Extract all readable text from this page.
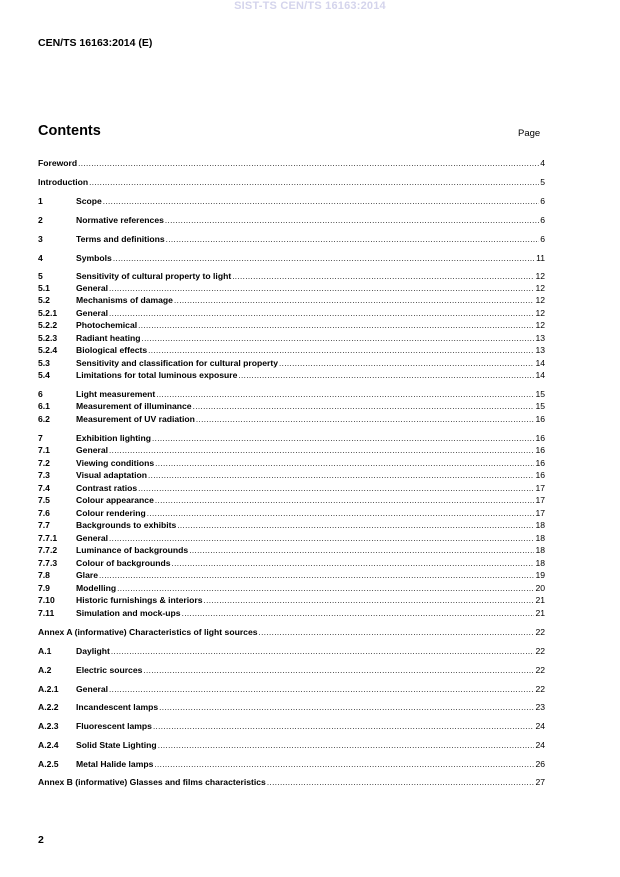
SIST-TS CEN/TS 16163:2014
CEN/TS 16163:2014 (E)
Contents	Page
Foreword .....	4
Introduction .....	5
1	Scope .....	6
2	Normative references .....	6
3	Terms and definitions .....	6
4	Symbols .....	11
5	Sensitivity of cultural property to light .....	12
5.1	General .....	12
5.2	Mechanisms of damage .....	12
5.2.1	General .....	12
5.2.2	Photochemical .....	12
5.2.3	Radiant heating .....	13
5.2.4	Biological effects .....	13
5.3	Sensitivity and classification for cultural property .....	14
5.4	Limitations for total luminous exposure .....	14
6	Light measurement .....	15
6.1	Measurement of illuminance .....	15
6.2	Measurement of UV radiation .....	16
7	Exhibition lighting .....	16
7.1	General .....	16
7.2	Viewing conditions .....	16
7.3	Visual adaptation .....	16
7.4	Contrast ratios .....	17
7.5	Colour appearance .....	17
7.6	Colour rendering .....	17
7.7	Backgrounds to exhibits .....	18
7.7.1	General .....	18
7.7.2	Luminance of backgrounds .....	18
7.7.3	Colour of backgrounds .....	18
7.8	Glare .....	19
7.9	Modelling .....	20
7.10	Historic furnishings & interiors .....	21
7.11	Simulation and mock-ups .....	21
Annex A (informative) Characteristics of light sources .....	22
A.1	Daylight .....	22
A.2	Electric sources .....	22
A.2.1	General .....	22
A.2.2	Incandescent lamps .....	23
A.2.3	Fluorescent lamps .....	24
A.2.4	Solid State Lighting .....	24
A.2.5	Metal Halide lamps .....	26
Annex B (informative) Glasses and films characteristics .....	27
2
